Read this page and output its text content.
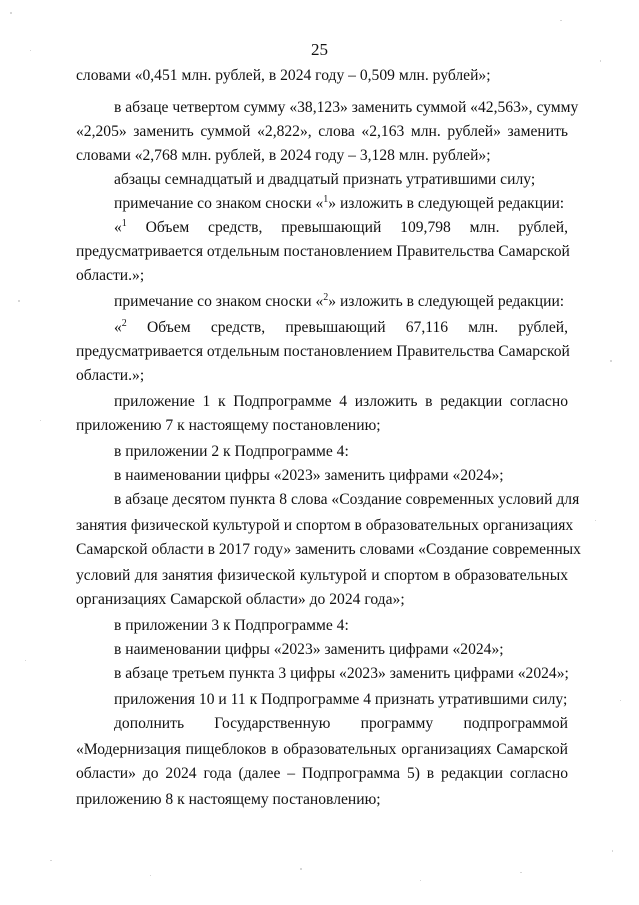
25
словами «0,451 млн. рублей, в 2024 году – 0,509 млн. рублей»;
в абзаце четвертом сумму «38,123» заменить суммой «42,563», сумму
«2,205» заменить суммой «2,822», слова «2,163 млн. рублей» заменить
словами «2,768 млн. рублей, в 2024 году – 3,128 млн. рублей»;
абзацы семнадцатый и двадцатый признать утратившими силу;
примечание со знаком сноски «$^1$» изложить в следующей редакции:
«$^1$ Объем средств, превышающий 109,798 млн. рублей,
предусматривается отдельным постановлением Правительства Самарской
области.»;
примечание со знаком сноски «$^2$» изложить в следующей редакции:
«$^2$ Объем средств, превышающий 67,116 млн. рублей,
предусматривается отдельным постановлением Правительства Самарской
области.»;
приложение 1 к Подпрограмме 4 изложить в редакции согласно
приложению 7 к настоящему постановлению;
в приложении 2 к Подпрограмме 4:
в наименовании цифры «2023» заменить цифрами «2024»;
в абзаце десятом пункта 8 слова «Создание современных условий для
занятия физической культурой и спортом в образовательных организациях
Самарской области в 2017 году» заменить словами «Создание современных
условий для занятия физической культурой и спортом в образовательных
организациях Самарской области» до 2024 года»;
в приложении 3 к Подпрограмме 4:
в наименовании цифры «2023» заменить цифрами «2024»;
в абзаце третьем пункта 3 цифры «2023» заменить цифрами «2024»;
приложения 10 и 11 к Подпрограмме 4 признать утратившими силу;
дополнить Государственную программу подпрограммой
«Модернизация пищеблоков в образовательных организациях Самарской
области» до 2024 года (далее – Подпрограмма 5) в редакции согласно
приложению 8 к настоящему постановлению;
